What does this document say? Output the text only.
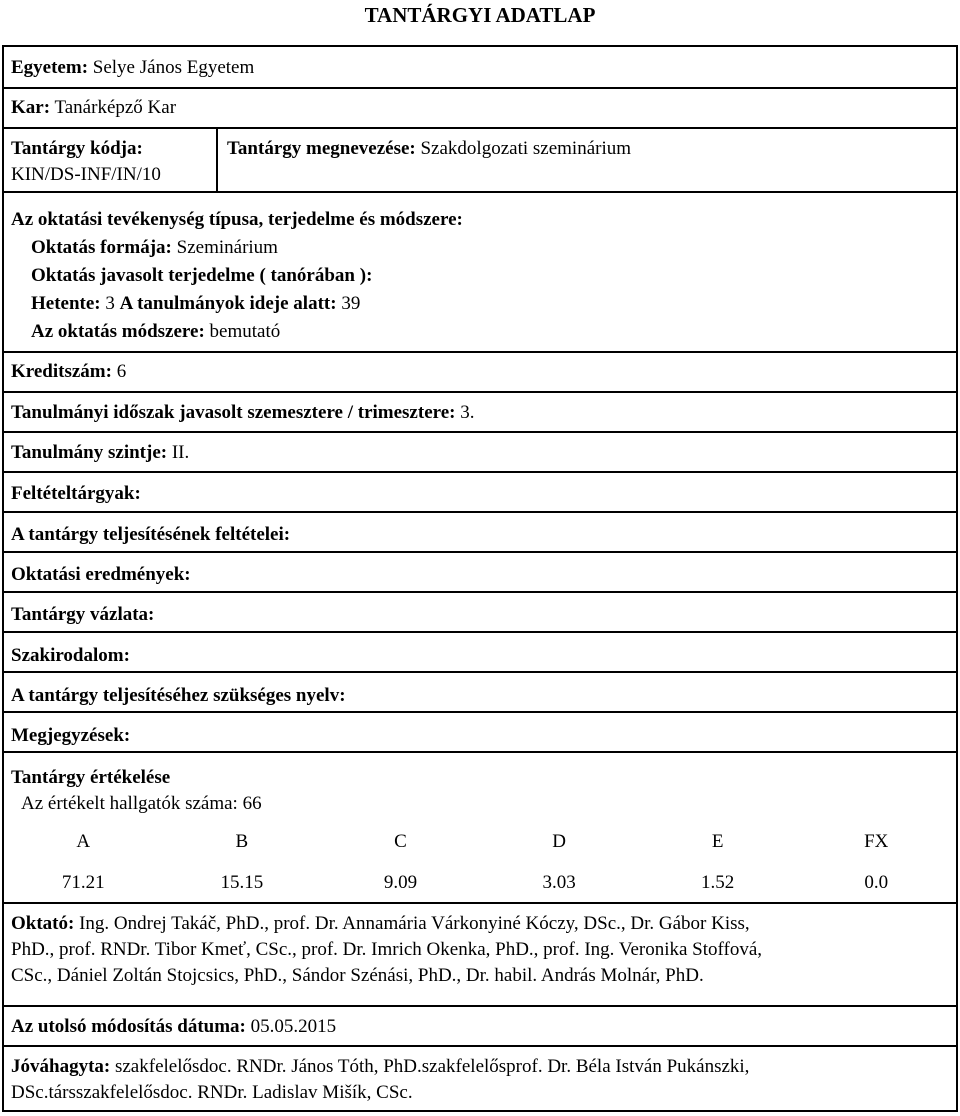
TANTÁRGYI ADATLAP
Egyetem: Selye János Egyetem
Kar: Tanárképző Kar
Tantárgy kódja:
KIN/DS-INF/IN/10
Tantárgy megnevezése: Szakdolgozati szeminárium
Az oktatási tevékenység típusa, terjedelme és módszere:
Oktatás formája: Szeminárium
Oktatás javasolt terjedelme ( tanórában ):
Hetente: 3 A tanulmányok ideje alatt: 39
Az oktatás módszere: bemutató
Kreditszám: 6
Tanulmányi időszak javasolt szemesztere / trimesztere: 3.
Tanulmány szintje: II.
Feltételtárgyak:
A tantárgy teljesítésének feltételei:
Oktatási eredmények:
Tantárgy vázlata:
Szakirodalom:
A tantárgy teljesítéséhez szükséges nyelv:
Megjegyzések:
Tantárgy értékelése
Az értékelt hallgatók száma: 66
A	B	C	D	E	FX
71.21	15.15	9.09	3.03	1.52	0.0
Oktató: Ing. Ondrej Takáč, PhD., prof. Dr. Annamária Várkonyiné Kóczy, DSc., Dr. Gábor Kiss,
PhD., prof. RNDr. Tibor Kmeť, CSc., prof. Dr. Imrich Okenka, PhD., prof. Ing. Veronika Stoffová,
CSc., Dániel Zoltán Stojcsics, PhD., Sándor Szénási, PhD., Dr. habil. András Molnár, PhD.
Az utolsó módosítás dátuma: 05.05.2015
Jóváhagyta: szakfelelősdoc. RNDr. János Tóth, PhD.szakfelelősprof. Dr. Béla István Pukánszki,
DSc.társszakfelelősdoc. RNDr. Ladislav Mišík, CSc.
